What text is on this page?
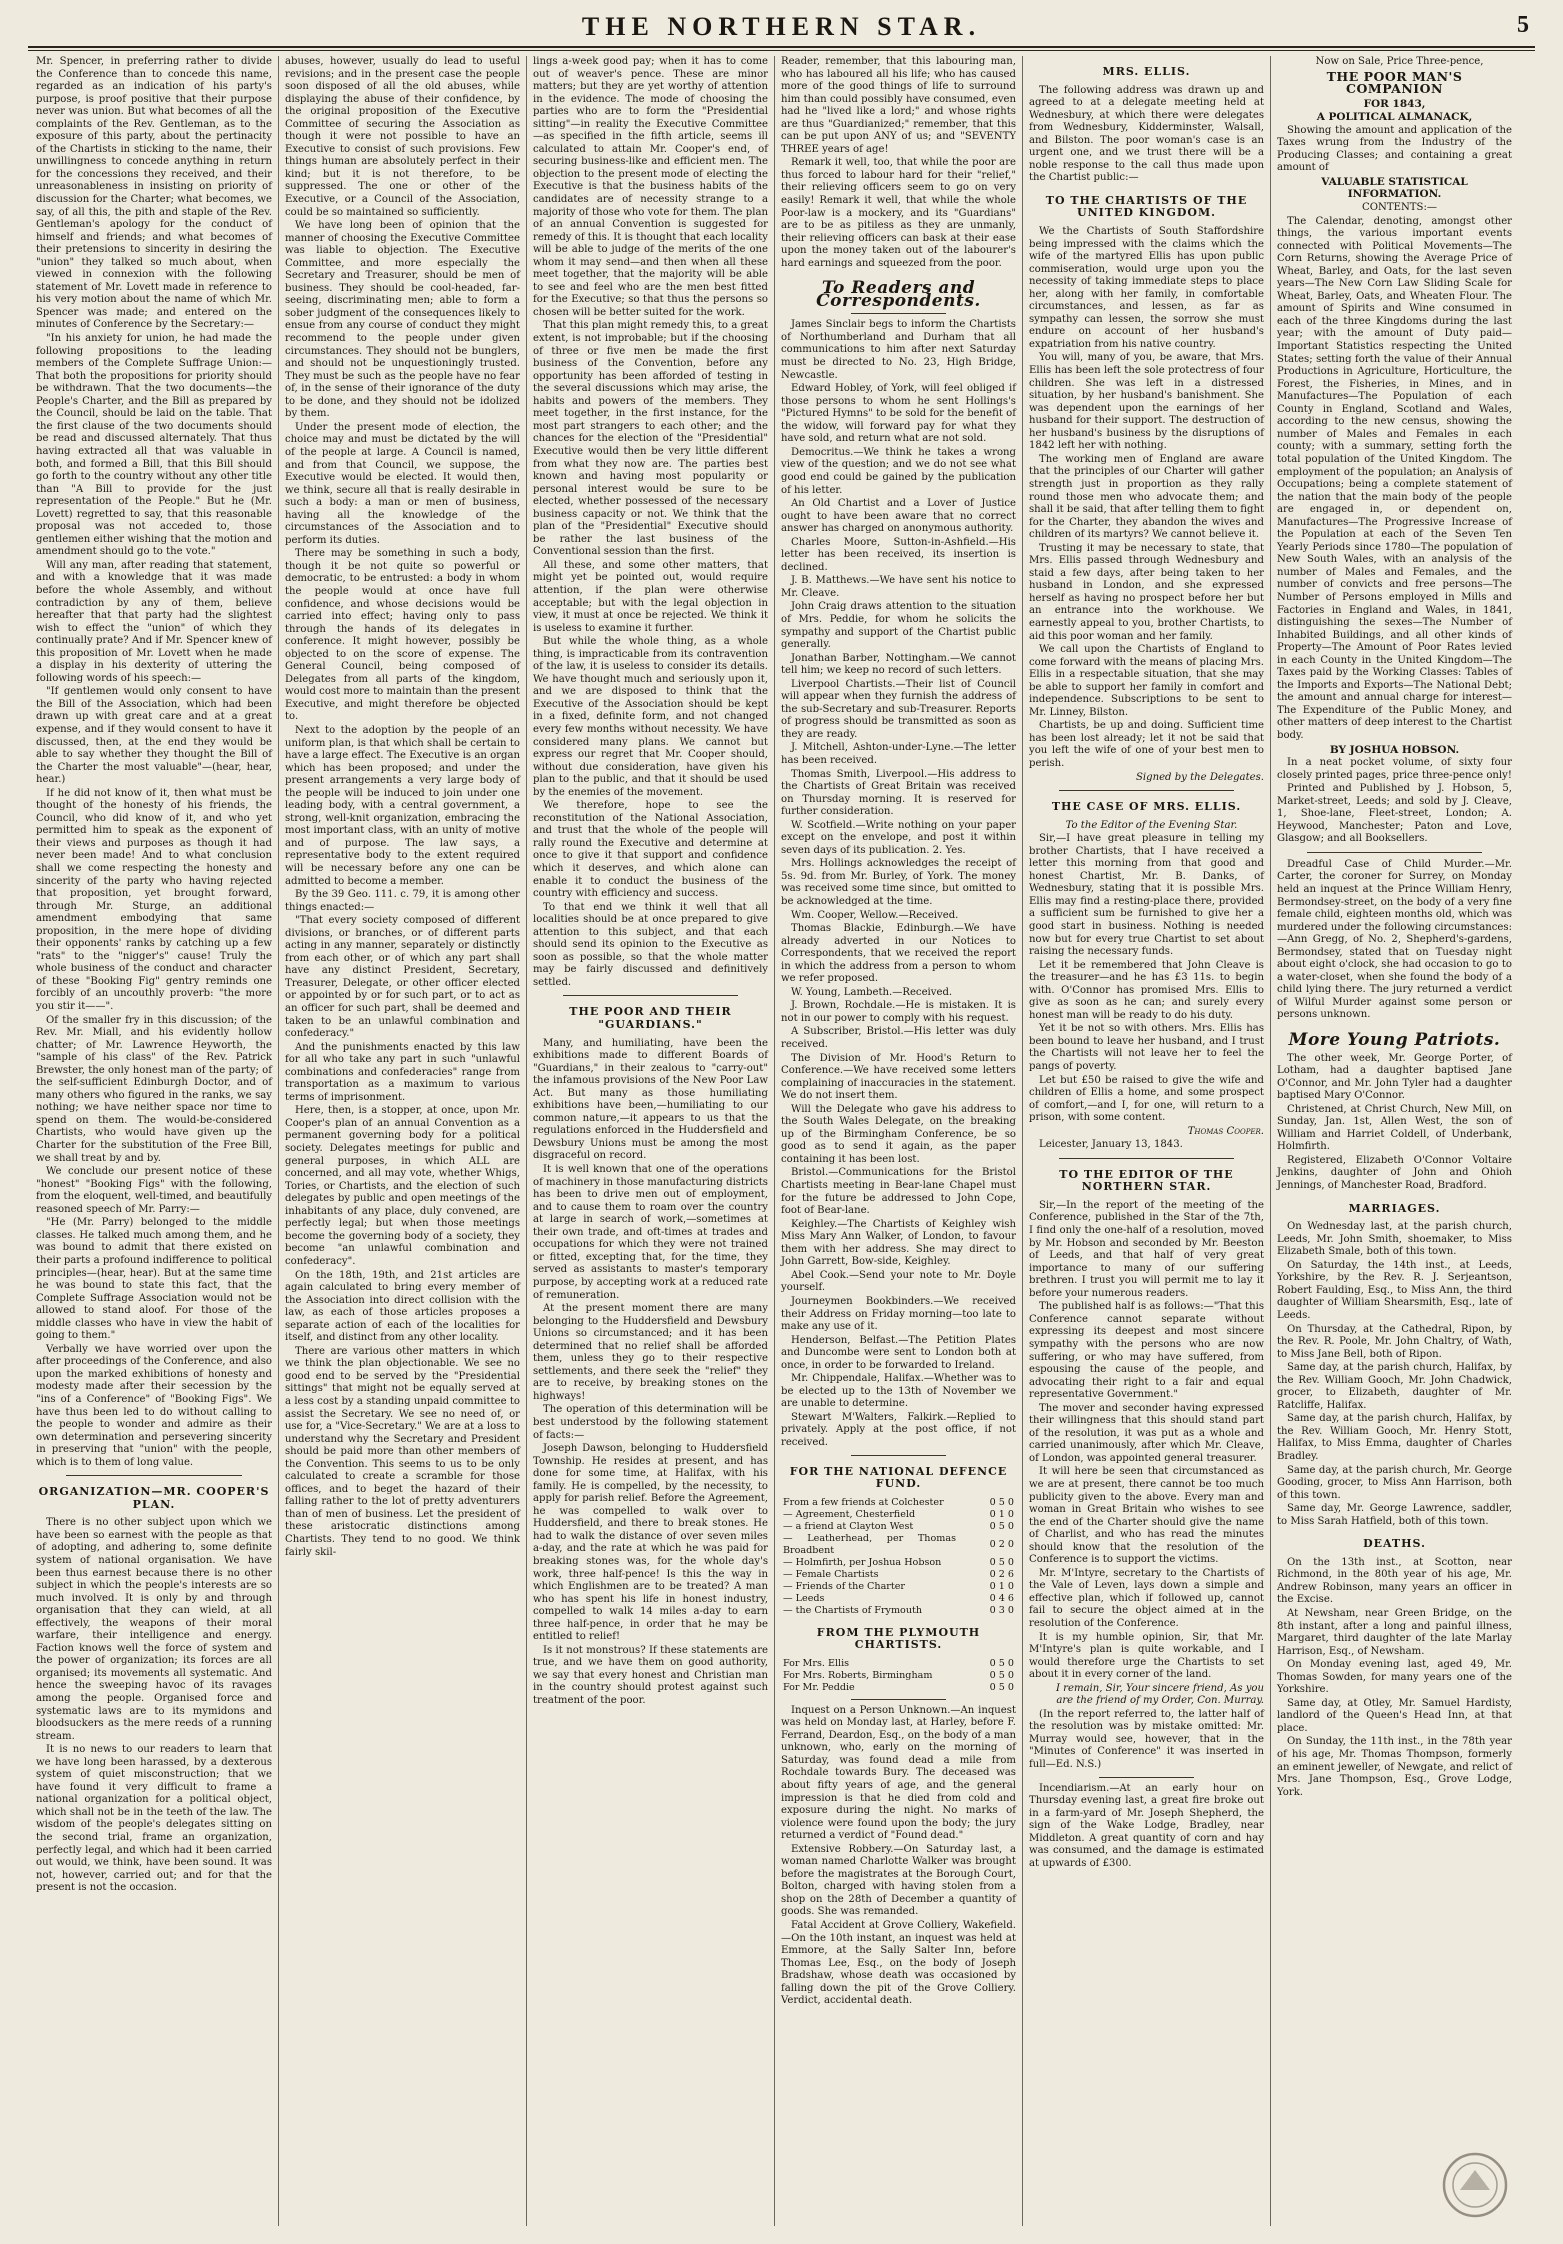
THE NORTHERN STAR.	5

Mr. Spencer, in preferring rather to divide the Conference than to concede this name, regarded as an indication of his party's purpose, is proof positive that their purpose never was union. But what becomes of all the complaints of the Rev. Gentleman, as to the exposure of this party, about the pertinacity of the Chartists in sticking to the name, their unwillingness to concede anything in return for the concessions they received, and their unreasonableness in insisting on priority of discussion for the Charter; what becomes, we say, of all this, the pith and staple of the Rev. Gentleman's apology for the conduct of himself and friends; and what becomes of their pretensions to sincerity in desiring the "union" they talked so much about, when viewed in connexion with the following statement of Mr. Lovett made in reference to his very motion about the name of which Mr. Spencer was made; and entered on the minutes of Conference by the Secretary:—

"In his anxiety for union, he had made the following propositions to the leading members of the Complete Suffrage Union:—That both the propositions for priority should be withdrawn. That the two documents—the People's Charter, and the Bill as prepared by the Council, should be laid on the table. That the first clause of the two documents should be read and discussed alternately. That thus having extracted all that was valuable in both, and formed a Bill, that this Bill should go forth to the country without any other title than "A Bill to provide for the just representation of the People." But he (Mr. Lovett) regretted to say, that this reasonable proposal was not acceded to, those gentlemen either wishing that the motion and amendment should go to the vote."

Will any man, after reading that statement, and with a knowledge that it was made before the whole Assembly, and without contradiction by any of them, believe hereafter that that party had the slightest wish to effect the "union" of which they continually prate? And if Mr. Spencer knew of this proposition of Mr. Lovett when he made a display in his dexterity of uttering the following words of his speech:—

"If gentlemen would only consent to have the Bill of the Association, which had been drawn up with great care and at a great expense, and if they would consent to have it discussed, then, at the end they would be able to say whether they thought the Bill of the Charter the most valuable"—(hear, hear, hear.)

If he did not know of it, then what must be thought of the honesty of his friends, the Council, who did know of it, and who yet permitted him to speak as the exponent of their views and purposes as though it had never been made! And to what conclusion shall we come respecting the honesty and sincerity of the party who having rejected that proposition, yet brought forward, through Mr. Sturge, an additional amendment embodying that same proposition, in the mere hope of dividing their opponents' ranks by catching up a few "rats" to the "nigger's" cause! Truly the whole business of the conduct and character of these "Booking Fig" gentry reminds one forcibly of an uncouthly proverb: "the more you stir it——".

Of the smaller fry in this discussion; of the Rev. Mr. Miall, and his evidently hollow chatter; of Mr. Lawrence Heyworth, the "sample of his class" of the Rev. Patrick Brewster, the only honest man of the party; of the self-sufficient Edinburgh Doctor, and of many others who figured in the ranks, we say nothing; we have neither space nor time to spend on them. The would-be-considered Chartists, who would have given up the Charter for the substitution of the Free Bill, we shall treat by and by.

We conclude our present notice of these "honest" "Booking Figs" with the following, from the eloquent, well-timed, and beautifully reasoned speech of Mr. Parry:—

"He (Mr. Parry) belonged to the middle classes. He talked much among them, and he was bound to admit that there existed on their parts a profound indifference to political principles—(hear, hear). But at the same time he was bound to state this fact, that the Complete Suffrage Association would not be allowed to stand aloof. For those of the middle classes who have in view the habit of going to them."

Verbally we have worried over upon the after proceedings of the Conference, and also upon the marked exhibitions of honesty and modesty made after their secession by the "ins of a Conference" of "Booking Figs". We have thus been led to do without calling to the people to wonder and admire as their own determination and persevering sincerity in preserving that "union" with the people, which is to them of long value.

ORGANIZATION—MR. COOPER'S PLAN.

There is no other subject upon which we have been so earnest with the people as that of adopting, and adhering to, some definite system of national organisation. We have been thus earnest because there is no other subject in which the people's interests are so much involved. It is only by and through organisation that they can wield, at all effectively, the weapons of their moral warfare, their intelligence and energy. Faction knows well the force of system and the power of organization; its forces are all organised; its movements all systematic. And hence the sweeping havoc of its ravages among the people. Organised force and systematic laws are to its mymidons and bloodsuckers as the mere reeds of a running stream.

It is no news to our readers to learn that we have long been harassed, by a dexterous system of quiet misconstruction; that we have found it very difficult to frame a national organization for a political object, which shall not be in the teeth of the law. The wisdom of the people's delegates sitting on the second trial, frame an organization, perfectly legal, and which had it been carried out would, we think, have been sound. It was not, however, carried out; and for that the present is not the occasion.

abuses, however, usually do lead to useful revisions; and in the present case the people soon disposed of all the old abuses, while displaying the abuse of their confidence, by the original proposition of the Executive Committee of securing the Association as though it were not possible to have an Executive to consist of such provisions. Few things human are absolutely perfect in their kind; but it is not therefore, to be suppressed. The one or other of the Executive, or a Council of the Association, could be so maintained so sufficiently.

We have long been of opinion that the manner of choosing the Executive Committee was liable to objection. The Executive Committee, and more especially the Secretary and Treasurer, should be men of business. They should be cool-headed, far-seeing, discriminating men; able to form a sober judgment of the consequences likely to ensue from any course of conduct they might recommend to the people under given circumstances. They should not be bunglers, and should not be unquestioningly trusted. They must be such as the people have no fear of, in the sense of their ignorance of the duty to be done, and they should not be idolized by them.

Under the present mode of election, the choice may and must be dictated by the will of the people at large. A Council is named, and from that Council, we suppose, the Executive would be elected. It would then, we think, secure all that is really desirable in such a body: a man or men of business, having all the knowledge of the circumstances of the Association and to perform its duties.

There may be something in such a body, though it be not quite so powerful or democratic, to be entrusted: a body in whom the people would at once have full confidence, and whose decisions would be carried into effect; having only to pass through the hands of its delegates in conference. It might however, possibly be objected to on the score of expense. The General Council, being composed of Delegates from all parts of the kingdom, would cost more to maintain than the present Executive, and might therefore be objected to.

Next to the adoption by the people of an uniform plan, is that which shall be certain to have a large effect. The Executive is an organ which has been proposed; and under the present arrangements a very large body of the people will be induced to join under one leading body, with a central government, a strong, well-knit organization, embracing the most important class, with an unity of motive and of purpose. The law says, a representative body to the extent required will be necessary before any one can be admitted to become a member.

By the 39 Geo. 111. c. 79, it is among other things enacted:—

"That every society composed of different divisions, or branches, or of different parts acting in any manner, separately or distinctly from each other, or of which any part shall have any distinct President, Secretary, Treasurer, Delegate, or other officer elected or appointed by or for such part, or to act as an officer for such part, shall be deemed and taken to be an unlawful combination and confederacy."

And the punishments enacted by this law for all who take any part in such "unlawful combinations and confederacies" range from transportation as a maximum to various terms of imprisonment.

Here, then, is a stopper, at once, upon Mr. Cooper's plan of an annual Convention as a permanent governing body for a political society. Delegates meetings for public and general purposes, in which ALL are concerned, and all may vote, whether Whigs, Tories, or Chartists, and the election of such delegates by public and open meetings of the inhabitants of any place, duly convened, are perfectly legal; but when those meetings become the governing body of a society, they become "an unlawful combination and confederacy".

On the 18th, 19th, and 21st articles are again calculated to bring every member of the Association into direct collision with the law, as each of those articles proposes a separate action of each of the localities for itself, and distinct from any other locality.

There are various other matters in which we think the plan objectionable. We see no good end to be served by the "Presidential sittings" that might not be equally served at a less cost by a standing unpaid committee to assist the Secretary. We see no need of, or use for, a "Vice-Secretary." We are at a loss to understand why the Secretary and President should be paid more than other members of the Convention. This seems to us to be only calculated to create a scramble for those offices, and to beget the hazard of their falling rather to the lot of pretty adventurers than of men of business. Let the president of these aristocratic distinctions among Chartists. They tend to no good. We think fairly skil-

lings a-week good pay; when it has to come out of weaver's pence. These are minor matters; but they are yet worthy of attention in the evidence. The mode of choosing the parties who are to form the "Presidential sitting"—in reality the Executive Committee—as specified in the fifth article, seems ill calculated to attain Mr. Cooper's end, of securing business-like and efficient men. The objection to the present mode of electing the Executive is that the business habits of the candidates are of necessity strange to a majority of those who vote for them. The plan of an annual Convention is suggested for remedy of this. It is thought that each locality will be able to judge of the merits of the one whom it may send—and then when all these meet together, that the majority will be able to see and feel who are the men best fitted for the Executive; so that thus the persons so chosen will be better suited for the work.

That this plan might remedy this, to a great extent, is not improbable; but if the choosing of three or five men be made the first business of the Convention, before any opportunity has been afforded of testing in the several discussions which may arise, the habits and powers of the members. They meet together, in the first instance, for the most part strangers to each other; and the chances for the election of the "Presidential" Executive would then be very little different from what they now are. The parties best known and having most popularity or personal interest would be sure to be elected, whether possessed of the necessary business capacity or not. We think that the plan of the "Presidential" Executive should be rather the last business of the Conventional session than the first.

All these, and some other matters, that might yet be pointed out, would require attention, if the plan were otherwise acceptable; but with the legal objection in view, it must at once be rejected. We think it is useless to examine it further.

But while the whole thing, as a whole thing, is impracticable from its contravention of the law, it is useless to consider its details. We have thought much and seriously upon it, and we are disposed to think that the Executive of the Association should be kept in a fixed, definite form, and not changed every few months without necessity. We have considered many plans. We cannot but express our regret that Mr. Cooper should, without due consideration, have given his plan to the public, and that it should be used by the enemies of the movement.

We therefore, hope to see the reconstitution of the National Association, and trust that the whole of the people will rally round the Executive and determine at once to give it that support and confidence which it deserves, and which alone can enable it to conduct the business of the country with efficiency and success.

To that end we think it well that all localities should be at once prepared to give attention to this subject, and that each should send its opinion to the Executive as soon as possible, so that the whole matter may be fairly discussed and definitively settled.

THE POOR AND THEIR "GUARDIANS."

Many, and humiliating, have been the exhibitions made to different Boards of "Guardians," in their zealous to "carry-out" the infamous provisions of the New Poor Law Act. But many as those humiliating exhibitions have been,—humiliating to our common nature,—it appears to us that the regulations enforced in the Huddersfield and Dewsbury Unions must be among the most disgraceful on record.

It is well known that one of the operations of machinery in those manufacturing districts has been to drive men out of employment, and to cause them to roam over the country at large in search of work,—sometimes at their own trade, and oft-times at trades and occupations for which they were not trained or fitted, excepting that, for the time, they served as assistants to master's temporary purpose, by accepting work at a reduced rate of remuneration.

At the present moment there are many belonging to the Huddersfield and Dewsbury Unions so circumstanced; and it has been determined that no relief shall be afforded them, unless they go to their respective settlements, and there seek the "relief" they are to receive, by breaking stones on the highways!

The operation of this determination will be best understood by the following statement of facts:—

Joseph Dawson, belonging to Huddersfield Township. He resides at present, and has done for some time, at Halifax, with his family. He is compelled, by the necessity, to apply for parish relief. Before the Agreement, he was compelled to walk over to Huddersfield, and there to break stones. He had to walk the distance of over seven miles a-day, and the rate at which he was paid for breaking stones was, for the whole day's work, three half-pence! Is this the way in which Englishmen are to be treated? A man who has spent his life in honest industry, compelled to walk 14 miles a-day to earn three half-pence, in order that he may be entitled to relief!

Is it not monstrous? If these statements are true, and we have them on good authority, we say that every honest and Christian man in the country should protest against such treatment of the poor.

Reader, remember, that this labouring man, who has laboured all his life; who has caused more of the good things of life to surround him than could possibly have consumed, even had he "lived like a lord;" and whose rights are thus "Guardianized;" remember, that this can be put upon ANY of us; and "SEVENTY THREE years of age!

Remark it well, too, that while the poor are thus forced to labour hard for their "relief," their relieving officers seem to go on very easily! Remark it well, that while the whole Poor-law is a mockery, and its "Guardians" are to be as pitiless as they are unmanly, their relieving officers can bask at their ease upon the money taken out of the labourer's hard earnings and squeezed from the poor.

To Readers and Correspondents.

James Sinclair begs to inform the Chartists of Northumberland and Durham that all communications to him after next Saturday must be directed to No. 23, High Bridge, Newcastle.

Edward Hobley, of York, will feel obliged if those persons to whom he sent Hollings's "Pictured Hymns" to be sold for the benefit of the widow, will forward pay for what they have sold, and return what are not sold.

Democritus.—We think he takes a wrong view of the question; and we do not see what good end could be gained by the publication of his letter.

An Old Chartist and a Lover of Justice ought to have been aware that no correct answer has charged on anonymous authority.

Charles Moore, Sutton-in-Ashfield.—His letter has been received, its insertion is declined.

J. B. Matthews.—We have sent his notice to Mr. Cleave.

John Craig draws attention to the situation of Mrs. Peddie, for whom he solicits the sympathy and support of the Chartist public generally.

Jonathan Barber, Nottingham.—We cannot tell him; we keep no record of such letters.

Liverpool Chartists.—Their list of Council will appear when they furnish the address of the sub-Secretary and sub-Treasurer. Reports of progress should be transmitted as soon as they are ready.

J. Mitchell, Ashton-under-Lyne.—The letter has been received.

Thomas Smith, Liverpool.—His address to the Chartists of Great Britain was received on Thursday morning. It is reserved for further consideration.

W. Scotfield.—Write nothing on your paper except on the envelope, and post it within seven days of its publication. 2. Yes.

Mrs. Hollings acknowledges the receipt of 5s. 9d. from Mr. Burley, of York. The money was received some time since, but omitted to be acknowledged at the time.

Wm. Cooper, Wellow.—Received.

Thomas Blackie, Edinburgh.—We have already adverted in our Notices to Correspondents, that we received the report in which the address from a person to whom we refer proposed.

W. Young, Lambeth.—Received.

J. Brown, Rochdale.—He is mistaken. It is not in our power to comply with his request.

A Subscriber, Bristol.—His letter was duly received.

The Division of Mr. Hood's Return to Conference.—We have received some letters complaining of inaccuracies in the statement. We do not insert them.

Will the Delegate who gave his address to the South Wales Delegate, on the breaking up of the Birmingham Conference, be so good as to send it again, as the paper containing it has been lost.

Bristol.—Communications for the Bristol Chartists meeting in Bear-lane Chapel must for the future be addressed to John Cope, foot of Bear-lane.

Keighley.—The Chartists of Keighley wish Miss Mary Ann Walker, of London, to favour them with her address. She may direct to John Garrett, Bow-side, Keighley.

Abel Cook.—Send your note to Mr. Doyle yourself.

Journeymen Bookbinders.—We received their Address on Friday morning—too late to make any use of it.

Henderson, Belfast.—The Petition Plates and Duncombe were sent to London both at once, in order to be forwarded to Ireland.

Mr. Chippendale, Halifax.—Whether was to be elected up to the 13th of November we are unable to determine.

Stewart M'Walters, Falkirk.—Replied to privately. Apply at the post office, if not received.

FOR THE NATIONAL DEFENCE FUND.
From a few friends at Colchester	0 5 0
— Agreement, Chesterfield	0 1 0
— a friend at Clayton West	0 5 0
— Leatherhead, per Thomas Broadbent	0 2 0
— Holmfirth, per Joshua Hobson	0 5 0
— Female Chartists	0 2 6
— Friends of the Charter	0 1 0
— Leeds	0 4 6
— the Chartists of Frymouth	0 3 0
FROM THE PLYMOUTH CHARTISTS.
For Mrs. Ellis	0 5 0
For Mrs. Roberts, Birmingham	0 5 0
For Mr. Peddie	0 5 0

Inquest on a Person Unknown.—An inquest was held on Monday last, at Harley, before F. Ferrand, Deardon, Esq., on the body of a man unknown, who, early on the morning of Saturday, was found dead a mile from Rochdale towards Bury. The deceased was about fifty years of age, and the general impression is that he died from cold and exposure during the night. No marks of violence were found upon the body; the jury returned a verdict of "Found dead."

Extensive Robbery.—On Saturday last, a woman named Charlotte Walker was brought before the magistrates at the Borough Court, Bolton, charged with having stolen from a shop on the 28th of December a quantity of goods. She was remanded.

Fatal Accident at Grove Colliery, Wakefield.—On the 10th instant, an inquest was held at Emmore, at the Sally Salter Inn, before Thomas Lee, Esq., on the body of Joseph Bradshaw, whose death was occasioned by falling down the pit of the Grove Colliery. Verdict, accidental death.

MRS. ELLIS.

The following address was drawn up and agreed to at a delegate meeting held at Wednesbury, at which there were delegates from Wednesbury, Kidderminster, Walsall, and Bilston. The poor woman's case is an urgent one, and we trust there will be a noble response to the call thus made upon the Chartist public:—

TO THE CHARTISTS OF THE UNITED KINGDOM.

We the Chartists of South Staffordshire being impressed with the claims which the wife of the martyred Ellis has upon public commiseration, would urge upon you the necessity of taking immediate steps to place her, along with her family, in comfortable circumstances, and lessen, as far as sympathy can lessen, the sorrow she must endure on account of her husband's expatriation from his native country.

You will, many of you, be aware, that Mrs. Ellis has been left the sole protectress of four children. She was left in a distressed situation, by her husband's banishment. She was dependent upon the earnings of her husband for their support. The destruction of her husband's business by the disruptions of 1842 left her with nothing.

The working men of England are aware that the principles of our Charter will gather strength just in proportion as they rally round those men who advocate them; and shall it be said, that after telling them to fight for the Charter, they abandon the wives and children of its martyrs? We cannot believe it.

Trusting it may be necessary to state, that Mrs. Ellis passed through Wednesbury and staid a few days, after being taken to her husband in London, and she expressed herself as having no prospect before her but an entrance into the workhouse. We earnestly appeal to you, brother Chartists, to aid this poor woman and her family.

We call upon the Chartists of England to come forward with the means of placing Mrs. Ellis in a respectable situation, that she may be able to support her family in comfort and independence. Subscriptions to be sent to Mr. Linney, Bilston.

Chartists, be up and doing. Sufficient time has been lost already; let it not be said that you left the wife of one of your best men to perish.

Signed by the Delegates.

THE CASE OF MRS. ELLIS.

To the Editor of the Evening Star.

Sir,—I have great pleasure in telling my brother Chartists, that I have received a letter this morning from that good and honest Chartist, Mr. B. Danks, of Wednesbury, stating that it is possible Mrs. Ellis may find a resting-place there, provided a sufficient sum be furnished to give her a good start in business. Nothing is needed now but for every true Chartist to set about raising the necessary funds.

Let it be remembered that John Cleave is the treasurer—and he has £3 11s. to begin with. O'Connor has promised Mrs. Ellis to give as soon as he can; and surely every honest man will be ready to do his duty.

Yet it be not so with others. Mrs. Ellis has been bound to leave her husband, and I trust the Chartists will not leave her to feel the pangs of poverty.

Let but £50 be raised to give the wife and children of Ellis a home, and some prospect of comfort,—and I, for one, will return to a prison, with some content.

Thomas Cooper.

Leicester, January 13, 1843.

TO THE EDITOR OF THE NORTHERN STAR.

Sir,—In the report of the meeting of the Conference, published in the Star of the 7th, I find only the one-half of a resolution, moved by Mr. Hobson and seconded by Mr. Beeston of Leeds, and that half of very great importance to many of our suffering brethren. I trust you will permit me to lay it before your numerous readers.

The published half is as follows:—"That this Conference cannot separate without expressing its deepest and most sincere sympathy with the persons who are now suffering, or who may have suffered, from espousing the cause of the people, and advocating their right to a fair and equal representative Government."

The mover and seconder having expressed their willingness that this should stand part of the resolution, it was put as a whole and carried unanimously, after which Mr. Cleave, of London, was appointed general treasurer.

It will here be seen that circumstanced as we are at present, there cannot be too much publicity given to the above. Every man and woman in Great Britain who wishes to see the end of the Charter should give the name of Charlist, and who has read the minutes should know that the resolution of the Conference is to support the victims.

Mr. M'Intyre, secretary to the Chartists of the Vale of Leven, lays down a simple and effective plan, which if followed up, cannot fail to secure the object aimed at in the resolution of the Conference.

It is my humble opinion, Sir, that Mr. M'Intyre's plan is quite workable, and I would therefore urge the Chartists to set about it in every corner of the land.

I remain, Sir, Your sincere friend, As you are the friend of my Order, Con. Murray.

(In the report referred to, the latter half of the resolution was by mistake omitted: Mr. Murray would see, however, that in the "Minutes of Conference" it was inserted in full—Ed. N.S.)

Incendiarism.—At an early hour on Thursday evening last, a great fire broke out in a farm-yard of Mr. Joseph Shepherd, the sign of the Wake Lodge, Bradley, near Middleton. A great quantity of corn and hay was consumed, and the damage is estimated at upwards of £300.

Now on Sale, Price Three-pence,

THE POOR MAN'S COMPANION
FOR 1843,
A POLITICAL ALMANACK,

Showing the amount and application of the Taxes wrung from the Industry of the Producing Classes; and containing a great amount of

VALUABLE STATISTICAL INFORMATION.

CONTENTS:—

The Calendar, denoting, amongst other things, the various important events connected with Political Movements—The Corn Returns, showing the Average Price of Wheat, Barley, and Oats, for the last seven years—The New Corn Law Sliding Scale for Wheat, Barley, Oats, and Wheaten Flour. The amount of Spirits and Wine consumed in each of the three Kingdoms during the last year; with the amount of Duty paid—Important Statistics respecting the United States; setting forth the value of their Annual Productions in Agriculture, Horticulture, the Forest, the Fisheries, in Mines, and in Manufactures—The Population of each County in England, Scotland and Wales, according to the new census, showing the number of Males and Females in each county; with a summary, setting forth the total population of the United Kingdom. The employment of the population; an Analysis of Occupations; being a complete statement of the nation that the main body of the people are engaged in, or dependent on, Manufactures—The Progressive Increase of the Population at each of the Seven Ten Yearly Periods since 1780—The population of New South Wales, with an analysis of the number of Males and Females, and the number of convicts and free persons—The Number of Persons employed in Mills and Factories in England and Wales, in 1841, distinguishing the sexes—The Number of Inhabited Buildings, and all other kinds of Property—The Amount of Poor Rates levied in each County in the United Kingdom—The Taxes paid by the Working Classes: Tables of the Imports and Exports—The National Debt; the amount and annual charge for interest—The Expenditure of the Public Money, and other matters of deep interest to the Chartist body.

BY JOSHUA HOBSON.

In a neat pocket volume, of sixty four closely printed pages, price three-pence only!

Printed and Published by J. Hobson, 5, Market-street, Leeds; and sold by J. Cleave, 1, Shoe-lane, Fleet-street, London; A. Heywood, Manchester; Paton and Love, Glasgow; and all Booksellers.

Dreadful Case of Child Murder.—Mr. Carter, the coroner for Surrey, on Monday held an inquest at the Prince William Henry, Bermondsey-street, on the body of a very fine female child, eighteen months old, which was murdered under the following circumstances:—Ann Gregg, of No. 2, Shepherd's-gardens, Bermondsey, stated that on Tuesday night about eight o'clock, she had occasion to go to a water-closet, when she found the body of a child lying there. The jury returned a verdict of Wilful Murder against some person or persons unknown.

More Young Patriots.

The other week, Mr. George Porter, of Lotham, had a daughter baptised Jane O'Connor, and Mr. John Tyler had a daughter baptised Mary O'Connor.

Christened, at Christ Church, New Mill, on Sunday, Jan. 1st, Allen West, the son of William and Harriet Coldell, of Underbank, Holmfirth.

Registered, Elizabeth O'Connor Voltaire Jenkins, daughter of John and Ohioh Jennings, of Manchester Road, Bradford.

MARRIAGES.

On Wednesday last, at the parish church, Leeds, Mr. John Smith, shoemaker, to Miss Elizabeth Smale, both of this town.

On Saturday, the 14th inst., at Leeds, Yorkshire, by the Rev. R. J. Serjeantson, Robert Faulding, Esq., to Miss Ann, the third daughter of William Shearsmith, Esq., late of Leeds.

On Thursday, at the Cathedral, Ripon, by the Rev. R. Poole, Mr. John Chaltry, of Wath, to Miss Jane Bell, both of Ripon.

Same day, at the parish church, Halifax, by the Rev. William Gooch, Mr. John Chadwick, grocer, to Elizabeth, daughter of Mr. Ratcliffe, Halifax.

Same day, at the parish church, Halifax, by the Rev. William Gooch, Mr. Henry Stott, Halifax, to Miss Emma, daughter of Charles Bradley.

Same day, at the parish church, Mr. George Gooding, grocer, to Miss Ann Harrison, both of this town.

Same day, Mr. George Lawrence, saddler, to Miss Sarah Hatfield, both of this town.

DEATHS.

On the 13th inst., at Scotton, near Richmond, in the 80th year of his age, Mr. Andrew Robinson, many years an officer in the Excise.

At Newsham, near Green Bridge, on the 8th instant, after a long and painful illness, Margaret, third daughter of the late Marlay Harrison, Esq., of Newsham.

On Monday evening last, aged 49, Mr. Thomas Sowden, for many years one of the Yorkshire.

Same day, at Otley, Mr. Samuel Hardisty, landlord of the Queen's Head Inn, at that place.

On Sunday, the 11th inst., in the 78th year of his age, Mr. Thomas Thompson, formerly an eminent jeweller, of Newgate, and relict of Mrs. Jane Thompson, Esq., Grove Lodge, York.
